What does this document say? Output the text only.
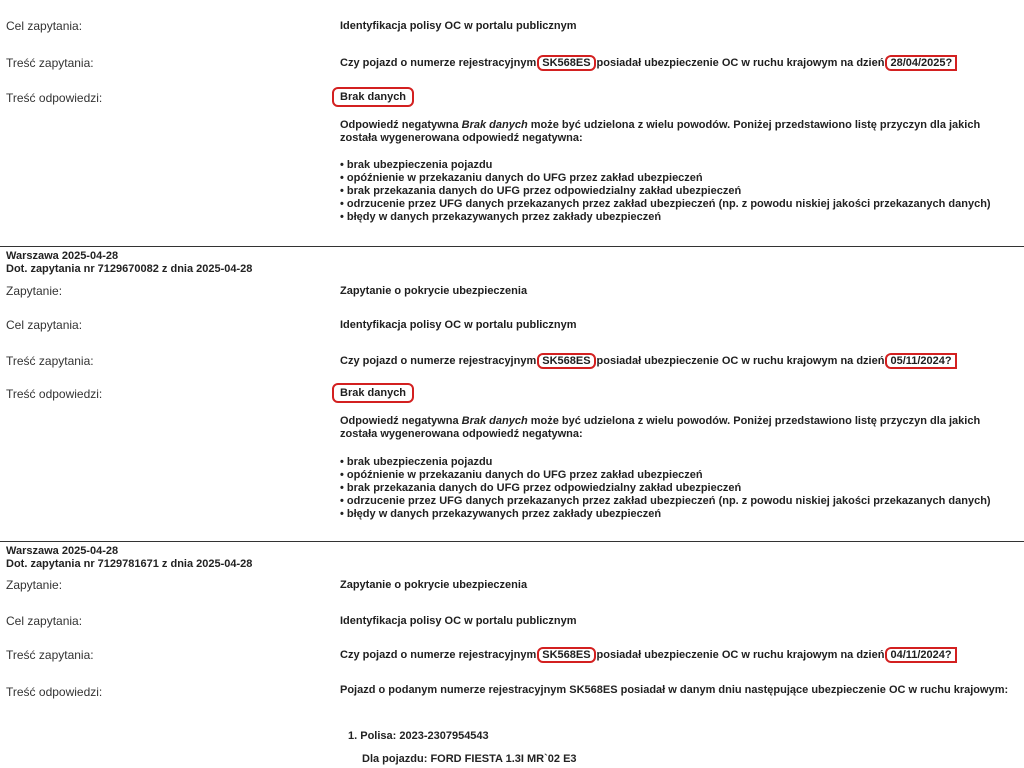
Cel zapytania:	Identyfikacja polisy OC w portalu publicznym
Treść zapytania:	Czy pojazd o numerze rejestracyjnym SK568ES posiadał ubezpieczenie OC w ruchu krajowym na dzień 28/04/2025?
Treść odpowiedzi:	Brak danych
Odpowiedź negatywna Brak danych może być udzielona z wielu powodów. Poniżej przedstawiono listę przyczyn dla jakich została wygenerowana odpowiedź negatywna:
• brak ubezpieczenia pojazdu
• opóźnienie w przekazaniu danych do UFG przez zakład ubezpieczeń
• brak przekazania danych do UFG przez odpowiedzialny zakład ubezpieczeń
• odrzucenie przez UFG danych przekazanych przez zakład ubezpieczeń (np. z powodu niskiej jakości przekazanych danych)
• błędy w danych przekazywanych przez zakłady ubezpieczeń
Warszawa 2025-04-28
Dot. zapytania nr 7129670082 z dnia 2025-04-28
Zapytanie:	Zapytanie o pokrycie ubezpieczenia
Cel zapytania:	Identyfikacja polisy OC w portalu publicznym
Treść zapytania:	Czy pojazd o numerze rejestracyjnym SK568ES posiadał ubezpieczenie OC w ruchu krajowym na dzień 05/11/2024?
Treść odpowiedzi:	Brak danych
Odpowiedź negatywna Brak danych może być udzielona z wielu powodów. Poniżej przedstawiono listę przyczyn dla jakich została wygenerowana odpowiedź negatywna:
• brak ubezpieczenia pojazdu
• opóźnienie w przekazaniu danych do UFG przez zakład ubezpieczeń
• brak przekazania danych do UFG przez odpowiedzialny zakład ubezpieczeń
• odrzucenie przez UFG danych przekazanych przez zakład ubezpieczeń (np. z powodu niskiej jakości przekazanych danych)
• błędy w danych przekazywanych przez zakłady ubezpieczeń
Warszawa 2025-04-28
Dot. zapytania nr 7129781671 z dnia 2025-04-28
Zapytanie:	Zapytanie o pokrycie ubezpieczenia
Cel zapytania:	Identyfikacja polisy OC w portalu publicznym
Treść zapytania:	Czy pojazd o numerze rejestracyjnym SK568ES posiadał ubezpieczenie OC w ruchu krajowym na dzień 04/11/2024?
Treść odpowiedzi:	Pojazd o podanym numerze rejestracyjnym SK568ES posiadał w danym dniu następujące ubezpieczenie OC w ruchu krajowym:
1. Polisa: 2023-2307954543
Dla pojazdu: FORD FIESTA 1.3I MR`02 E3
